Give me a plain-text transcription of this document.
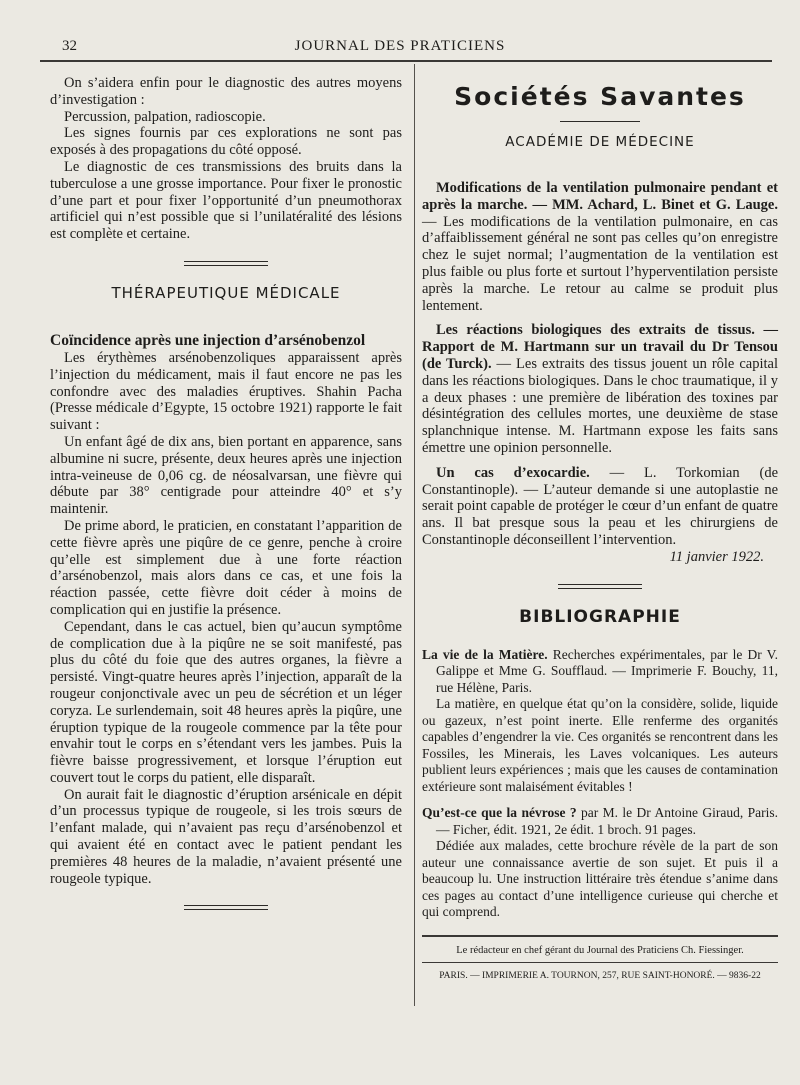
32	JOURNAL DES PRATICIENS

On s’aidera enfin pour le diagnostic des autres moyens d’investigation :

Percussion, palpation, radioscopie.

Les signes fournis par ces explorations ne sont pas exposés à des propagations du côté opposé.

Le diagnostic de ces transmissions des bruits dans la tuberculose a une grosse importance. Pour fixer le pronostic d’une part et pour fixer l’opportunité d’un pneumothorax artificiel qui n’est possible que si l’unilatéralité des lésions est complète et certaine.

THÉRAPEUTIQUE MÉDICALE

Coïncidence après une injection d’arsénobenzol

Les érythèmes arsénobenzoliques apparaissent après l’injection du médicament, mais il faut encore ne pas les confondre avec des maladies éruptives. Shahin Pacha (Presse médicale d’Egypte, 15 octobre 1921) rapporte le fait suivant :

Un enfant âgé de dix ans, bien portant en apparence, sans albumine ni sucre, présente, deux heures après une injection intra-veineuse de 0,06 cg. de néosalvarsan, une fièvre qui débute par 38° centigrade pour atteindre 40° et s’y maintenir.

De prime abord, le praticien, en constatant l’apparition de cette fièvre après une piqûre de ce genre, penche à croire qu’elle est simplement due à une forte réaction d’arsénobenzol, mais alors dans ce cas, et une fois la réaction passée, cette fièvre doit céder à moins de complication qui en justifie la présence.

Cependant, dans le cas actuel, bien qu’aucun symptôme de complication due à la piqûre ne se soit manifesté, pas plus du côté du foie que des autres organes, la fièvre a persisté. Vingt-quatre heures après l’injection, apparaît de la rougeur conjonctivale avec un peu de sécrétion et un léger coryza. Le surlendemain, soit 48 heures après la piqûre, une éruption typique de la rougeole commence par la tête pour envahir tout le corps en s’étendant vers les jambes. Puis la fièvre baisse progressivement, et lorsque l’éruption eut couvert tout le corps du patient, elle disparaît.

On aurait fait le diagnostic d’éruption arsénicale en dépit d’un processus typique de rougeole, si les trois sœurs de l’enfant malade, qui n’avaient pas reçu d’arsénobenzol et qui avaient été en contact avec le patient pendant les premières 48 heures de la maladie, n’avaient présenté une rougeole typique.

Sociétés Savantes
ACADÉMIE DE MÉDECINE

Modifications de la ventilation pulmonaire pendant et après la marche. — MM. Achard, L. Binet et G. Lauge. — Les modifications de la ventilation pulmonaire, en cas d’affaiblissement général ne sont pas celles qu’on enregistre chez le sujet normal; l’augmentation de la ventilation est plus faible ou plus forte et surtout l’hyperventilation persiste après la marche. Le retour au calme se produit plus lentement.

Les réactions biologiques des extraits de tissus. — Rapport de M. Hartmann sur un travail du Dr Tensou (de Turck). — Les extraits des tissus jouent un rôle capital dans les réactions biologiques. Dans le choc traumatique, il y a deux phases : une première de libération des toxines par désintégration des cellules mortes, une deuxième de stase splanchnique intense. M. Hartmann expose les faits sans émettre une opinion personnelle.

Un cas d’exocardie. — L. Torkomian (de Constantinople). — L’auteur demande si une autoplastie ne serait point capable de protéger le cœur d’un enfant de quatre ans. Il bat presque sous la peau et les chirurgiens de Constantinople déconseillent l’intervention.

11 janvier 1922.

BIBLIOGRAPHIE

La vie de la Matière. Recherches expérimentales, par le Dr V. Galippe et Mme G. Soufflaud. — Imprimerie F. Bouchy, 11, rue Hélène, Paris.

La matière, en quelque état qu’on la considère, solide, liquide ou gazeux, n’est point inerte. Elle renferme des organités capables d’engendrer la vie. Ces organités se rencontrent dans les Fossiles, les Minerais, les Laves volcaniques. Les auteurs publient leurs expériences ; mais que les causes de contamination extérieure sont malaisément évitables !

Qu’est-ce que la névrose ? par M. le Dr Antoine Giraud, Paris. — Ficher, édit. 1921, 2e édit. 1 broch. 91 pages.

Dédiée aux malades, cette brochure révèle de la part de son auteur une connaissance avertie de son sujet. Et puis il a beaucoup lu. Une instruction littéraire très étendue s’anime dans ces pages au contact d’une intelligence curieuse qui cherche et qui comprend.

Le rédacteur en chef gérant du Journal des Praticiens Ch. Fiessinger.
PARIS. — IMPRIMERIE A. TOURNON, 257, RUE SAINT-HONORÉ. — 9836-22
